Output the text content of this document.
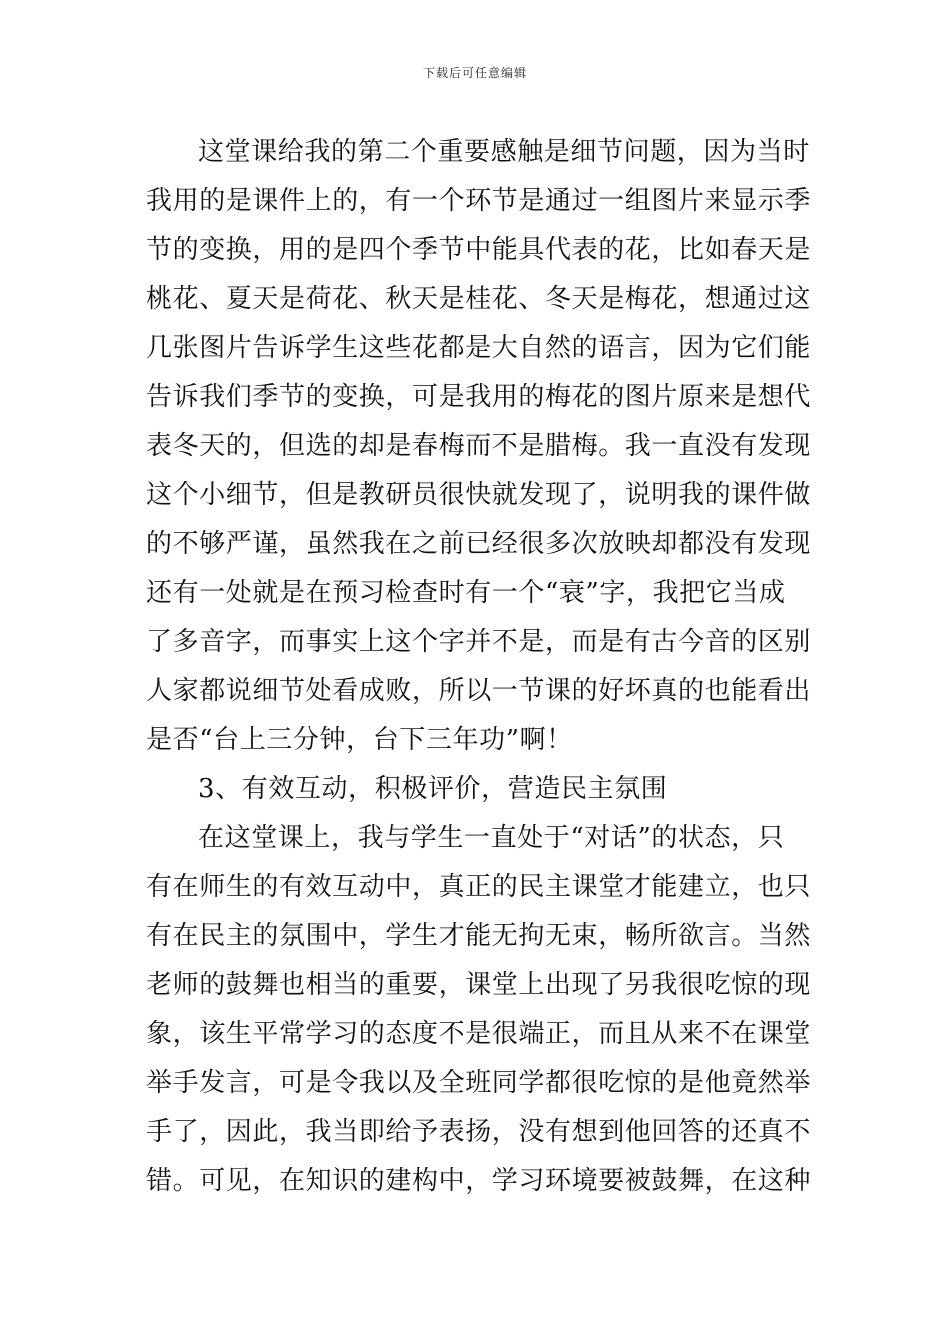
下载后可任意编辑
这堂课给我的第二个重要感触是细节问题，因为当时
我用的是课件上的，有一个环节是通过一组图片来显示季
节的变换，用的是四个季节中能具代表的花，比如春天是
桃花、夏天是荷花、秋天是桂花、冬天是梅花，想通过这
几张图片告诉学生这些花都是大自然的语言，因为它们能
告诉我们季节的变换，可是我用的梅花的图片原来是想代
表冬天的，但选的却是春梅而不是腊梅。我一直没有发现
这个小细节，但是教研员很快就发现了，说明我的课件做
的不够严谨，虽然我在之前已经很多次放映却都没有发现
还有一处就是在预习检查时有一个“衰”字，我把它当成
了多音字，而事实上这个字并不是，而是有古今音的区别
人家都说细节处看成败，所以一节课的好坏真的也能看出
是否“台上三分钟，台下三年功”啊！
3、有效互动，积极评价，营造民主氛围
在这堂课上，我与学生一直处于“对话”的状态，只
有在师生的有效互动中，真正的民主课堂才能建立，也只
有在民主的氛围中，学生才能无拘无束，畅所欲言。当然
老师的鼓舞也相当的重要，课堂上出现了另我很吃惊的现
象，该生平常学习的态度不是很端正，而且从来不在课堂
举手发言，可是令我以及全班同学都很吃惊的是他竟然举
手了，因此，我当即给予表扬，没有想到他回答的还真不
错。可见，在知识的建构中，学习环境要被鼓舞，在这种
